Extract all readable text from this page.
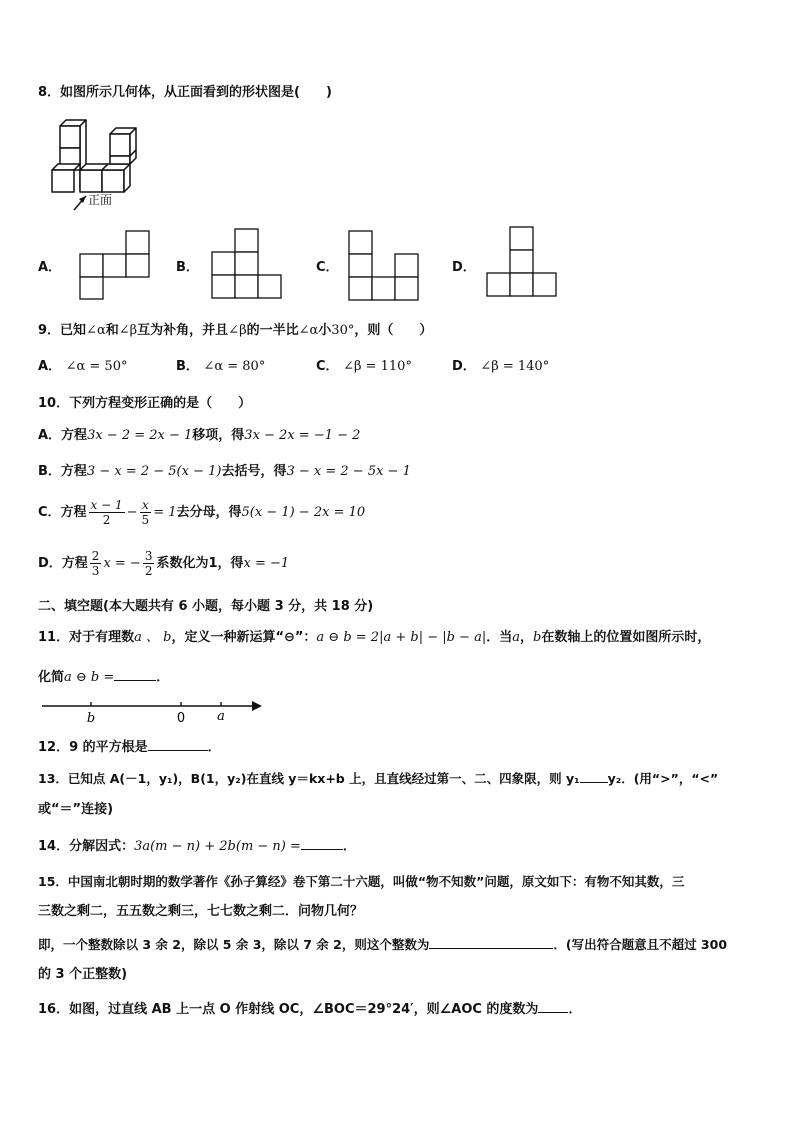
8．如图所示几何体，从正面看到的形状图是(　　)
正面
A．	B．	C．	D．
9．已知∠α和∠β互为补角，并且∠β的一半比∠α小30°，则（　　）
A． ∠α = 50°	B． ∠α = 80°	C． ∠β = 110°	D． ∠β = 140°
10．下列方程变形正确的是（　　）
A．方程3x − 2 = 2x − 1移项，得3x − 2x = −1 − 2
B．方程3 − x = 2 − 5(x − 1)去括号，得3 − x = 2 − 5x − 1
C．方程 $\frac{x - 1}{2} - \frac{x}{5} = 1$去分母，得5(x − 1) − 2x = 10
D．方程 $\frac{2}{3}$ x = − $\frac{3}{2}$ 系数化为1，得x = −1
二、填空题(本大题共有 6 小题，每小题 3 分，共 18 分)
11．对于有理数a 、 b，定义一种新运算“⊖”：a ⊖ b = 2|a + b| − |b − a|．当a，b在数轴上的位置如图所示时，
化简a ⊖ b =	．
b	0 a
12．9 的平方根是	．
13．已知点 A(－1，y₁)，B(1，y₂)在直线 y＝kx+b 上，且直线经过第一、二、四象限，则 y₁ y₂．(用“>”，“<”
或“＝”连接)
14．分解因式：3a(m − n) + 2b(m − n) =	．
15．中国南北朝时期的数学著作《孙子算经》卷下第二十六题，叫做“物不知数”问题，原文如下：有物不知其数，三
三数之剩二，五五数之剩三，七七数之剩二．问物几何？
即，一个整数除以 3 余 2，除以 5 余 3，除以 7 余 2，则这个整数为	．(写出符合题意且不超过 300
的 3 个正整数)
16．如图，过直线 AB 上一点 O 作射线 OC，∠BOC＝29°24′，则∠AOC 的度数为 ．
